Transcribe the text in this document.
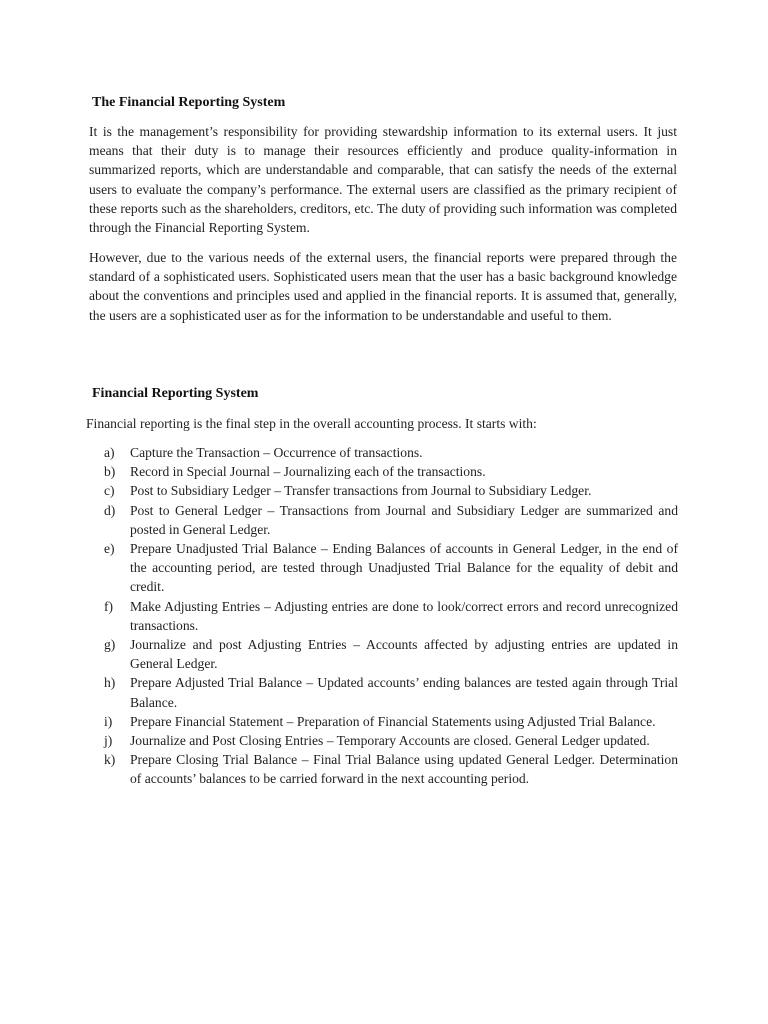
The Financial Reporting System
It is the management’s responsibility for providing stewardship information to its external users. It just means that their duty is to manage their resources efficiently and produce quality-information in summarized reports, which are understandable and comparable, that can satisfy the needs of the external users to evaluate the company’s performance. The external users are classified as the primary recipient of these reports such as the shareholders, creditors, etc. The duty of providing such information was completed through the Financial Reporting System.
However, due to the various needs of the external users, the financial reports were prepared through the standard of a sophisticated users. Sophisticated users mean that the user has a basic background knowledge about the conventions and principles used and applied in the financial reports. It is assumed that, generally, the users are a sophisticated user as for the information to be understandable and useful to them.
Financial Reporting System
Financial reporting is the final step in the overall accounting process. It starts with:
a) Capture the Transaction – Occurrence of transactions.
b) Record in Special Journal – Journalizing each of the transactions.
c) Post to Subsidiary Ledger – Transfer transactions from Journal to Subsidiary Ledger.
d) Post to General Ledger – Transactions from Journal and Subsidiary Ledger are summarized and posted in General Ledger.
e) Prepare Unadjusted Trial Balance – Ending Balances of accounts in General Ledger, in the end of the accounting period, are tested through Unadjusted Trial Balance for the equality of debit and credit.
f) Make Adjusting Entries – Adjusting entries are done to look/correct errors and record unrecognized transactions.
g) Journalize and post Adjusting Entries – Accounts affected by adjusting entries are updated in General Ledger.
h) Prepare Adjusted Trial Balance – Updated accounts’ ending balances are tested again through Trial Balance.
i) Prepare Financial Statement – Preparation of Financial Statements using Adjusted Trial Balance.
j) Journalize and Post Closing Entries – Temporary Accounts are closed. General Ledger updated.
k) Prepare Closing Trial Balance – Final Trial Balance using updated General Ledger. Determination of accounts’ balances to be carried forward in the next accounting period.
